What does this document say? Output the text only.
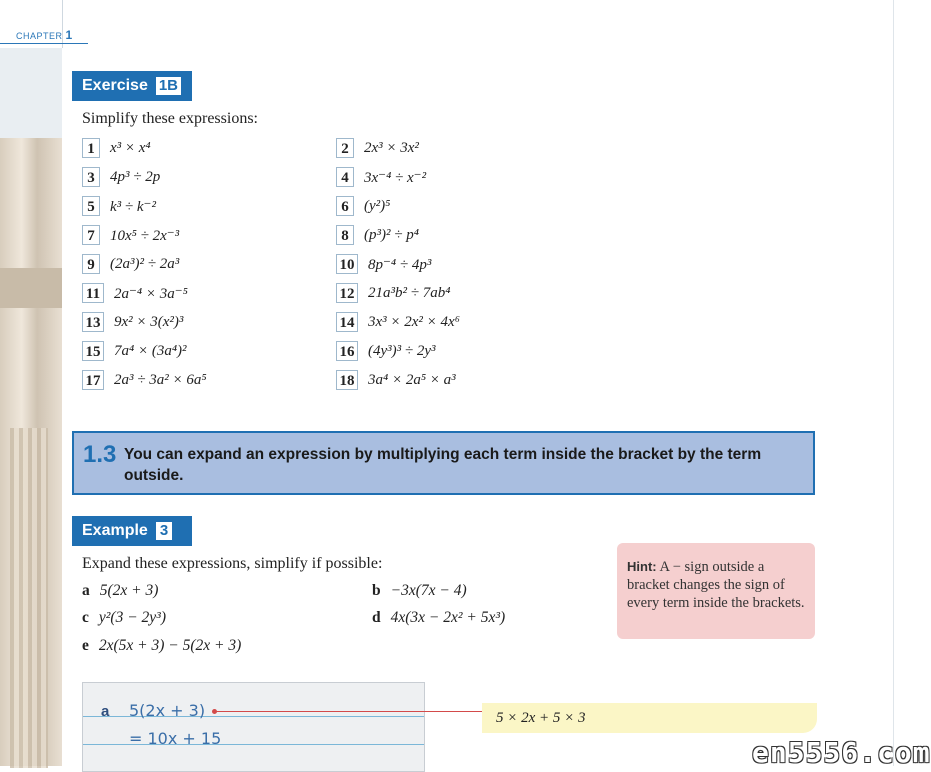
CHAPTER 1
Exercise 1B
Simplify these expressions:
1	x³ × x⁴	2	2x³ × 3x²
3	4p³ ÷ 2p	4	3x⁻⁴ ÷ x⁻²
5	k³ ÷ k⁻²	6	(y²)⁵
7	10x⁵ ÷ 2x⁻³	8	(p³)² ÷ p⁴
9	(2a³)² ÷ 2a³	10 8p⁻⁴ ÷ 4p³
11 2a⁻⁴ × 3a⁻⁵	12 21a³b² ÷ 7ab⁴
13 9x² × 3(x²)³	14 3x³ × 2x² × 4x⁶
15 7a⁴ × (3a⁴)²	16 (4y³)³ ÷ 2y³
17 2a³ ÷ 3a² × 6a⁵	18 3a⁴ × 2a⁵ × a³
1.3 You can expand an expression by multiplying each term inside the bracket by the term outside.
Example 3
Expand these expressions, simplify if possible:
a 5(2x + 3)	b −3x(7x − 4)
c y²(3 − 2y³)	d 4x(3x − 2x² + 5x³)
e 2x(5x + 3) − 5(2x + 3)
Hint: A − sign outside a bracket changes the sign of every term inside the brackets.
a 5(2x + 3)
= 10x + 15
5 × 2x + 5 × 3
en5556.com
